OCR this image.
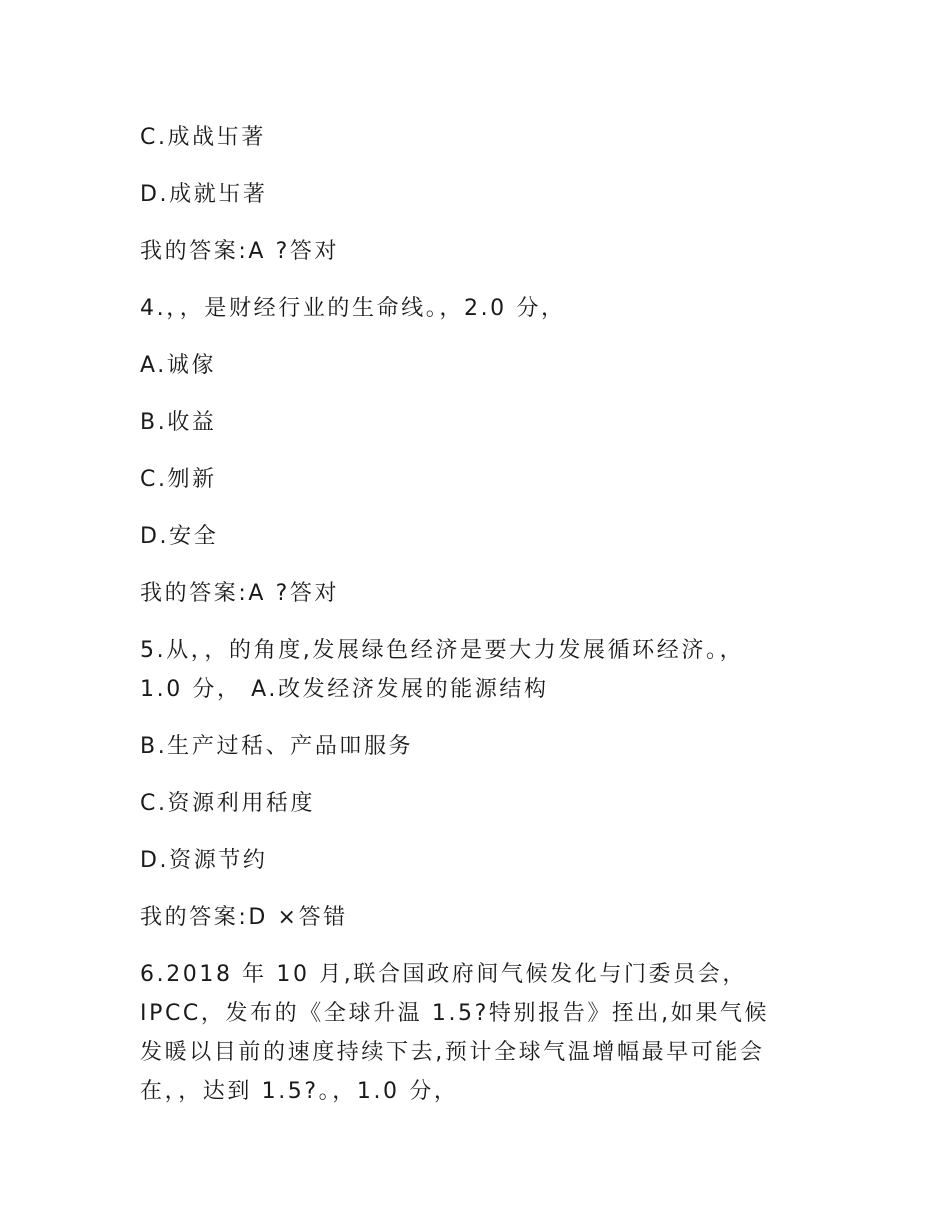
C.成战卐著
D.成就卐著
我的答案:A ?答对
4.，，是财经行业的生命线。，2.0 分，
A.诚傢
B.收益
C.刎新
D.安全
我的答案:A ?答对
5.从，，的角度,发展绿色经济是要大力发展循环经济。，
1.0 分， A.改发经济发展的能源结构
B.生产过秳、产品吅服务
C.资源利用秳度
D.资源节约
我的答案:D ×答错
6.2018 年 10 月,联合国政府间气候发化与门委员会，
IPCC，发布的《全球升温 1.5?特别报告》挃出,如果气候
发暖以目前的速度持续下去,预计全球气温增幅最早可能会
在，，达到 1.5?。，1.0 分，
